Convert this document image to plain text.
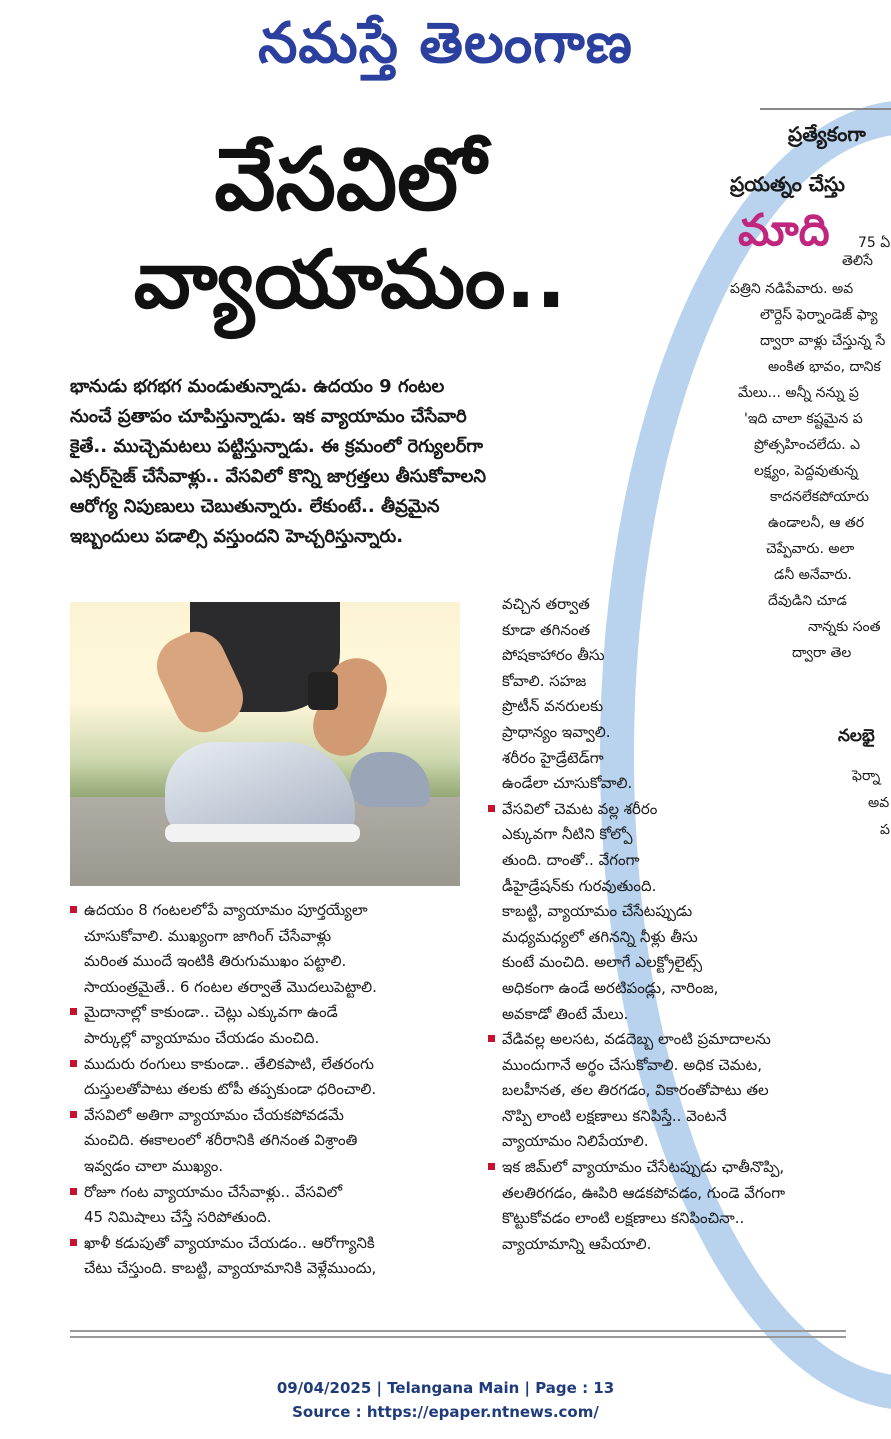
నమస్తే తెలంగాణ
వేసవిలో
వ్యాయామం..

భానుడు భగభగ మండుతున్నాడు. ఉదయం 9 గంటల

నుంచే ప్రతాపం చూపిస్తున్నాడు. ఇక వ్యాయామం చేసేవారి

కైతే.. ముచ్చెమటలు పట్టిస్తున్నాడు. ఈ క్రమంలో రెగ్యులర్‌గా

ఎక్సర్‌సైజ్ చేసేవాళ్లు.. వేసవిలో కొన్ని జాగ్రత్తలు తీసుకోవాలని

ఆరోగ్య నిపుణులు చెబుతున్నారు. లేకుంటే.. తీవ్రమైన

ఇబ్బందులు పడాల్సి వస్తుందని హెచ్చరిస్తున్నారు.

ఉదయం 8 గంటలలోపే వ్యాయామం పూర్తయ్యేలా
చూసుకోవాలి. ముఖ్యంగా జాగింగ్ చేసేవాళ్లు
మరింత ముందే ఇంటికి తిరుగుముఖం పట్టాలి.
సాయంత్రమైతే.. 6 గంటల తర్వాతే మొదలుపెట్టాలి.
మైదానాల్లో కాకుండా.. చెట్లు ఎక్కువగా ఉండే
పార్కుల్లో వ్యాయామం చేయడం మంచిది.
ముదురు రంగులు కాకుండా.. తేలికపాటి, లేతరంగు
దుస్తులతోపాటు తలకు టోపీ తప్పకుండా ధరించాలి.
వేసవిలో అతిగా వ్యాయామం చేయకపోవడమే
మంచిది. ఈకాలంలో శరీరానికి తగినంత విశ్రాంతి
ఇవ్వడం చాలా ముఖ్యం.
రోజూ గంట వ్యాయామం చేసేవాళ్లు.. వేసవిలో
45 నిమిషాలు చేస్తే సరిపోతుంది.
ఖాళీ కడుపుతో వ్యాయామం చేయడం.. ఆరోగ్యానికి
చేటు చేస్తుంది. కాబట్టి, వ్యాయామానికి వెళ్లేముందు,
వచ్చిన తర్వాత
కూడా తగినంత
పోషకాహారం తీసు
కోవాలి. సహజ
ప్రొటీన్ వనరులకు
ప్రాధాన్యం ఇవ్వాలి.
శరీరం హైడ్రేటెడ్‌గా
ఉండేలా చూసుకోవాలి.
వేసవిలో చెమట వల్ల శరీరం
ఎక్కువగా నీటిని కోల్పో
తుంది. దాంతో.. వేగంగా
డీహైడ్రేషన్‌కు గురవుతుంది.
కాబట్టి, వ్యాయామం చేసేటప్పుడు
మధ్యమధ్యలో తగినన్ని నీళ్లు తీసు
కుంటే మంచిది. అలాగే ఎలక్ట్రోలైట్స్
అధికంగా ఉండే అరటిపండ్లు, నారింజ,
అవకాడో తింటే మేలు.
వేడివల్ల అలసట, వడదెబ్బ లాంటి ప్రమాదాలను
ముందుగానే అర్థం చేసుకోవాలి. అధిక చెమట,
బలహీనత, తల తిరగడం, వికారంతోపాటు తల
నొప్పి లాంటి లక్షణాలు కనిపిస్తే.. వెంటనే
వ్యాయామం నిలిపేయాలి.
ఇక జిమ్‌లో వ్యాయామం చేసేటప్పుడు ఛాతీనొప్పి,
తలతిరగడం, ఊపిరి ఆడకపోవడం, గుండె వేగంగా
కొట్టుకోవడం లాంటి లక్షణాలు కనిపించినా..
వ్యాయామాన్ని ఆపేయాలి.
ప్రత్యేకంగా
ప్రయత్నం చేస్తు
మాది 75 ఏ
తెలిసే
పత్రిని నడిపేవారు. అవ
లౌర్దెస్ ఫెర్నాండెజ్ ఫ్యా
ద్వారా వాళ్లు చేస్తున్న సే
అంకిత భావం, దానిక
మేలు... అన్నీ నన్ను ప్ర
'ఇది చాలా కష్టమైన ప
ప్రోత్సహించలేదు. ఎ
లక్ష్యం, పెద్దవుతున్న
కాదనలేకపోయారు
ఉండాలనీ, ఆ తర
చెప్పేవారు. అలా
డనీ అనేవారు.
దేవుడిని చూడ
నాన్నకు సంత
ద్వారా తెల
నలభై
ఫెర్నా
అవ
ప
09/04/2025 | Telangana Main | Page : 13
Source : https://epaper.ntnews.com/
